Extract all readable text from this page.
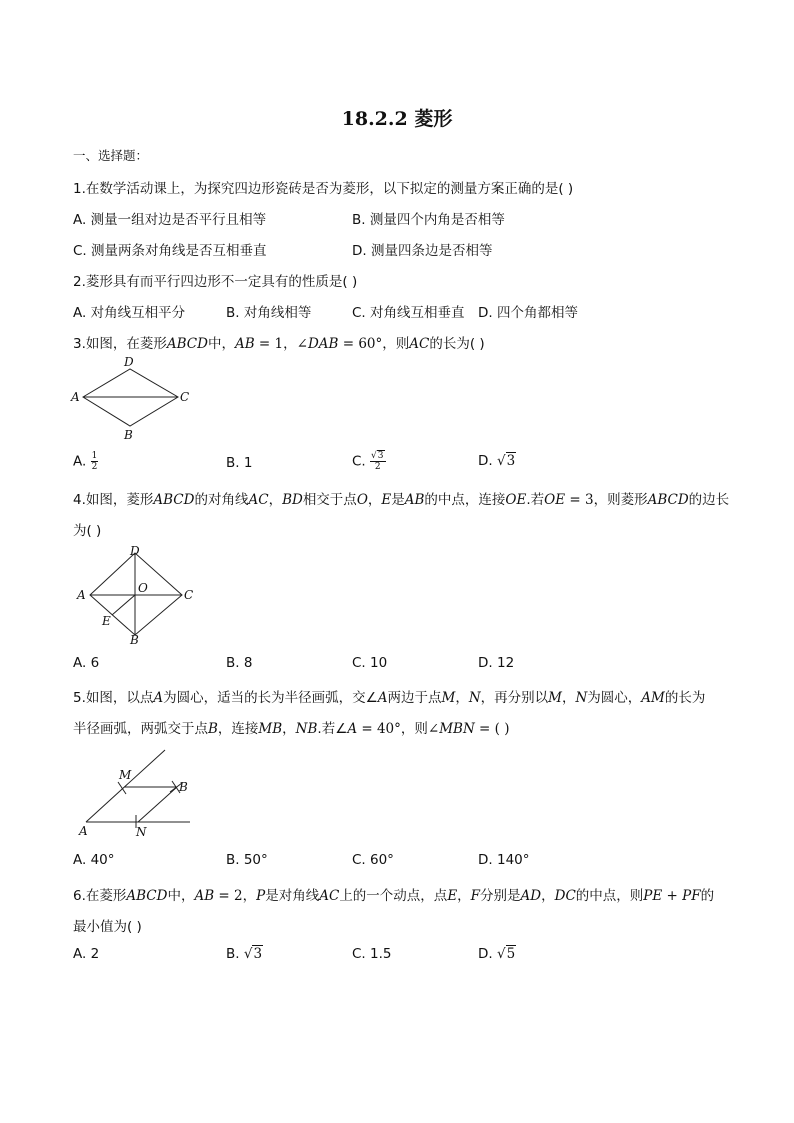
18.2.2 菱形
一、选择题：
1.在数学活动课上，为探究四边形瓷砖是否为菱形，以下拟定的测量方案正确的是( )
A. 测量一组对边是否平行且相等	B. 测量四个内角是否相等
C. 测量两条对角线是否互相垂直	D. 测量四条边是否相等
2.菱形具有而平行四边形不一定具有的性质是( )
A. 对角线互相平分	B. 对角线相等	C. 对角线互相垂直 D. 四个角都相等
3.如图，在菱形ABCD中，AB = 1，∠DAB = 60°，则AC的长为( )
D
A	C
B
A. $\frac{1}{2}$	B. 1	C. $\frac{√3}{2}$	D. √3
4.如图，菱形ABCD的对角线AC，BD相交于点O，E是AB的中点，连接OE.若OE = 3，则菱形ABCD的边长
为( )
D
A	O	C
E
B
A. 6	B. 8	C. 10	D. 12
5.如图，以点A为圆心，适当的长为半径画弧，交∠A两边于点M，N，再分别以M，N为圆心，AM的长为
半径画弧，两弧交于点B，连接MB，NB.若∠A = 40°，则∠MBN = ( )
M
B
A	N
A. 40°	B. 50°	C. 60°	D. 140°
6.在菱形ABCD中，AB = 2，P是对角线AC上的一个动点，点E，F分别是AD，DC的中点，则PE + PF的
最小值为( )
A. 2	B. √3	C. 1.5	D. √5
